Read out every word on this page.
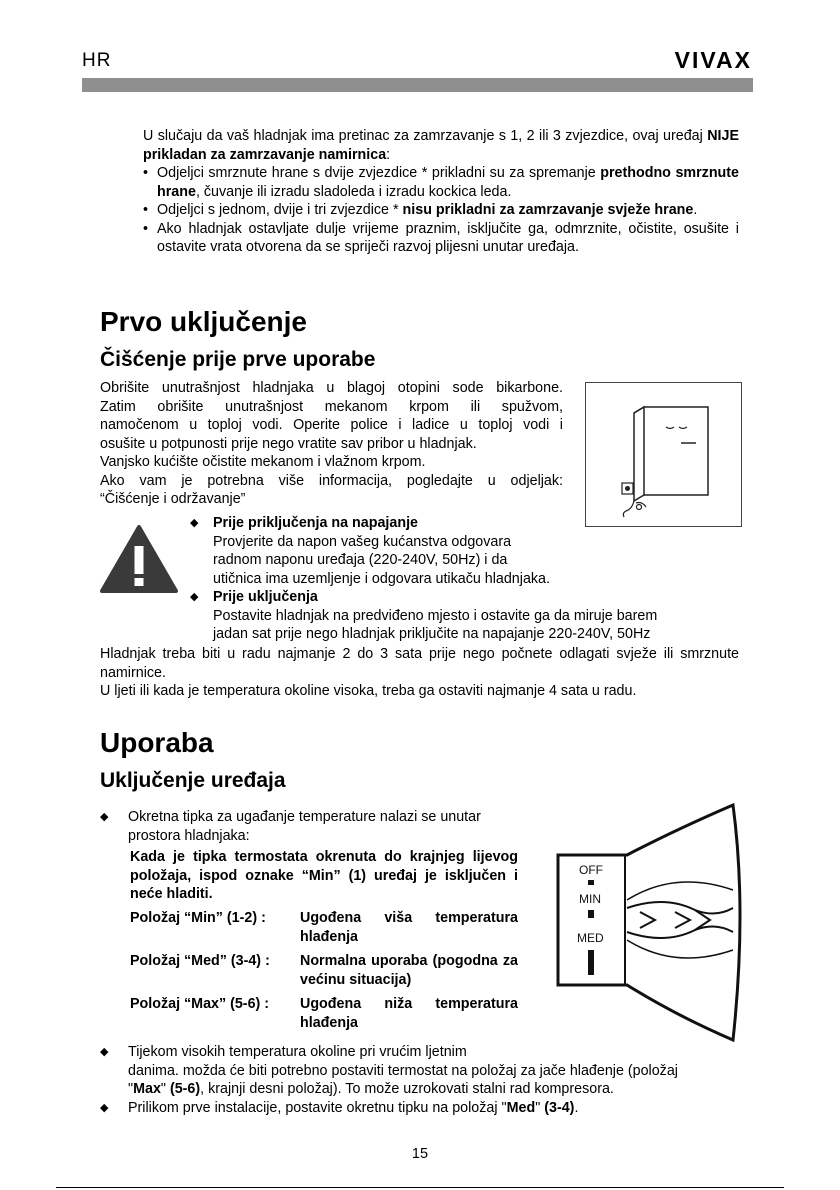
HR	VIVAX

U slučaju da vaš hladnjak ima pretinac za zamrzavanje s 1, 2 ili 3 zvjezdice, ovaj uređaj NIJE prikladan za zamrzavanje namirnica:

• Odjeljci smrznute hrane s dvije zvjezdice * prikladni su za spremanje prethodno smrznute hrane, čuvanje ili izradu sladoleda i izradu kockica leda.
• Odjeljci s jednom, dvije i tri zvjezdice * nisu prikladni za zamrzavanje svježe hrane.
• Ako hladnjak ostavljate dulje vrijeme praznim, isključite ga, odmrznite, očistite, osušite i ostavite vrata otvorena da se spriječi razvoj plijesni unutar uređaja.
Prvo uključenje
Čišćenje prije prve uporabe
Obrišite unutrašnjost hladnjaka u blagoj otopini sode bikarbone.
Zatim obrišite unutrašnjost mekanom krpom ili spužvom,
namočenom u toploj vodi. Operite police i ladice u toploj vodi i
osušite u potpunosti prije nego vratite sav pribor u hladnjak.
Vanjsko kućište očistite mekanom i vlažnom krpom.
Ako vam je potrebna više informacija, pogledajte u odjeljak:
“Čišćenje i održavanje”
◆ Prije priključenja na napajanje
Provjerite da napon vašeg kućanstva odgovara
radnom naponu uređaja (220-240V, 50Hz) i da
utičnica ima uzemljenje i odgovara utikaču hladnjaka.
◆ Prije uključenja
Postavite hladnjak na predviđeno mjesto i ostavite ga da miruje barem
jadan sat prije nego hladnjak priključite na napajanje 220-240V, 50Hz

Hladnjak treba biti u radu najmanje 2 do 3 sata prije nego počnete odlagati svježe ili smrznute namirnice.

U ljeti ili kada je temperatura okoline visoka, treba ga ostaviti najmanje 4 sata u radu.

Uporaba
Uključenje uređaja
◆ Okretna tipka za ugađanje temperature nalazi se unutar
prostora hladnjaka:
Kada je tipka termostata okrenuta do krajnjeg lijevog položaja, ispod oznake “Min” (1) uređaj je isključen i neće hladiti.
Položaj “Min” (1-2) : Ugođena viša temperatura hlađenja
Položaj “Med” (3-4) : Normalna uporaba (pogodna za većinu situacija)
Položaj “Max” (5-6) : Ugođena niža temperatura hlađenja
OFF
MIN
MED
◆ Tijekom visokih temperatura okoline pri vrućim ljetnim
danima. možda će biti potrebno postaviti termostat na položaj za jače hlađenje (položaj
"Max" (5-6), krajnji desni položaj). To može uzrokovati stalni rad kompresora.
◆ Prilikom prve instalacije, postavite okretnu tipku na položaj "Med" (3-4).
15
